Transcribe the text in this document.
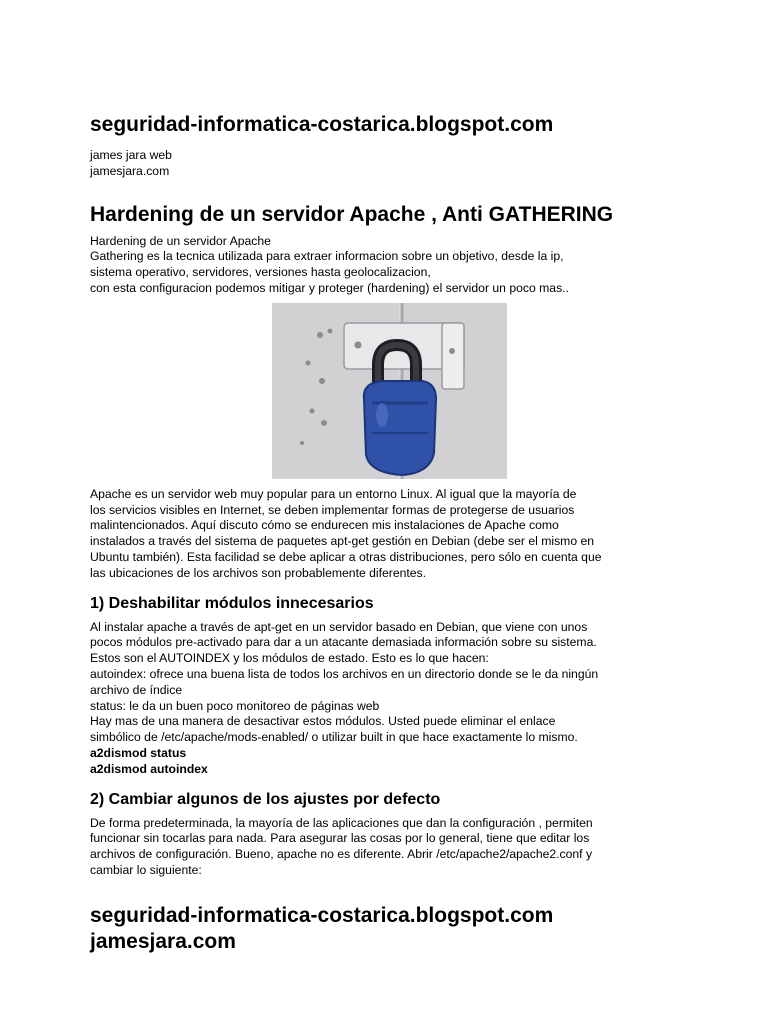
seguridad-informatica-costarica.blogspot.com

james jara web

jamesjara.com

Hardening de un servidor Apache , Anti GATHERING

Hardening de un servidor Apache

Gathering es la tecnica utilizada para extraer informacion sobre un objetivo, desde la ip,

sistema operativo, servidores, versiones hasta geolocalizacion,

con esta configuracion podemos mitigar y proteger (hardening) el servidor un poco mas..

Apache es un servidor web muy popular para un entorno Linux. Al igual que la mayoría de

los servicios visibles en Internet, se deben implementar formas de protegerse de usuarios

malintencionados. Aquí discuto cómo se endurecen mis instalaciones de Apache como

instalados a través del sistema de paquetes apt-get gestión en Debian (debe ser el mismo en

Ubuntu también). Esta facilidad se debe aplicar a otras distribuciones, pero sólo en cuenta que

las ubicaciones de los archivos son probablemente diferentes.

1) Deshabilitar módulos innecesarios

Al instalar apache a través de apt-get en un servidor basado en Debian, que viene con unos

pocos módulos pre-activado para dar a un atacante demasiada información sobre su sistema.

Estos son el AUTOINDEX y los módulos de estado. Esto es lo que hacen:

autoindex: ofrece una buena lista de todos los archivos en un directorio donde se le da ningún

archivo de índice

status: le da un buen poco monitoreo de páginas web

Hay mas de una manera de desactivar estos módulos. Usted puede eliminar el enlace

simbólico de /etc/apache/mods-enabled/ o utilizar built in que hace exactamente lo mismo.

a2dismod status

a2dismod autoindex

2) Cambiar algunos de los ajustes por defecto

De forma predeterminada, la mayoría de las aplicaciones que dan la configuración , permiten

funcionar sin tocarlas para nada. Para asegurar las cosas por lo general, tiene que editar los

archivos de configuración. Bueno, apache no es diferente. Abrir /etc/apache2/apache2.conf y

cambiar lo siguiente:

seguridad-informatica-costarica.blogspot.com
jamesjara.com
